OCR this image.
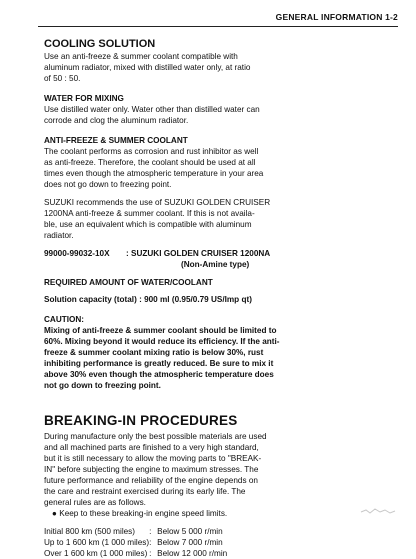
GENERAL INFORMATION 1-2
COOLING SOLUTION

Use an anti-freeze & summer coolant compatible with

aluminum radiator, mixed with distilled water only, at ratio

of 50 : 50.

WATER FOR MIXING

Use distilled water only. Water other than distilled water can

corrode and clog the aluminum radiator.

ANTI-FREEZE & SUMMER COOLANT

The coolant performs as corrosion and rust inhibitor as well

as anti-freeze. Therefore, the coolant should be used at all

times even though the atmospheric temperature in your area

does not go down to freezing point.

SUZUKI recommends the use of SUZUKI GOLDEN CRUISER

1200NA anti-freeze & summer coolant. If this is not availa-

ble, use an equivalent which is compatible with aluminum

radiator.

99000-99032-10X : SUZUKI GOLDEN CRUISER 1200NA
(Non-Amine type)
REQUIRED AMOUNT OF WATER/COOLANT

Solution capacity (total) : 900 ml (0.95/0.79 US/Imp qt)

CAUTION:

Mixing of anti-freeze & summer coolant should be limited to

60%. Mixing beyond it would reduce its efficiency. If the anti-

freeze & summer coolant mixing ratio is below 30%, rust

inhibiting performance is greatly reduced. Be sure to mix it

above 30% even though the atmospheric temperature does

not go down to freezing point.

BREAKING-IN PROCEDURES

During manufacture only the best possible materials are used

and all machined parts are finished to a very high standard,

but it is still necessary to allow the moving parts to "BREAK-

IN" before subjecting the engine to maximum stresses. The

future performance and reliability of the engine depends on

the care and restraint exercised during its early life. The

general rules are as follows.

● Keep to these breaking-in engine speed limits.
Initial 800 km (500 miles)	:	Below 5 000 r/min
Up to 1 600 km (1 000 miles)	:	Below 7 000 r/min
Over 1 600 km (1 000 miles)	:	Below 12 000 r/min
